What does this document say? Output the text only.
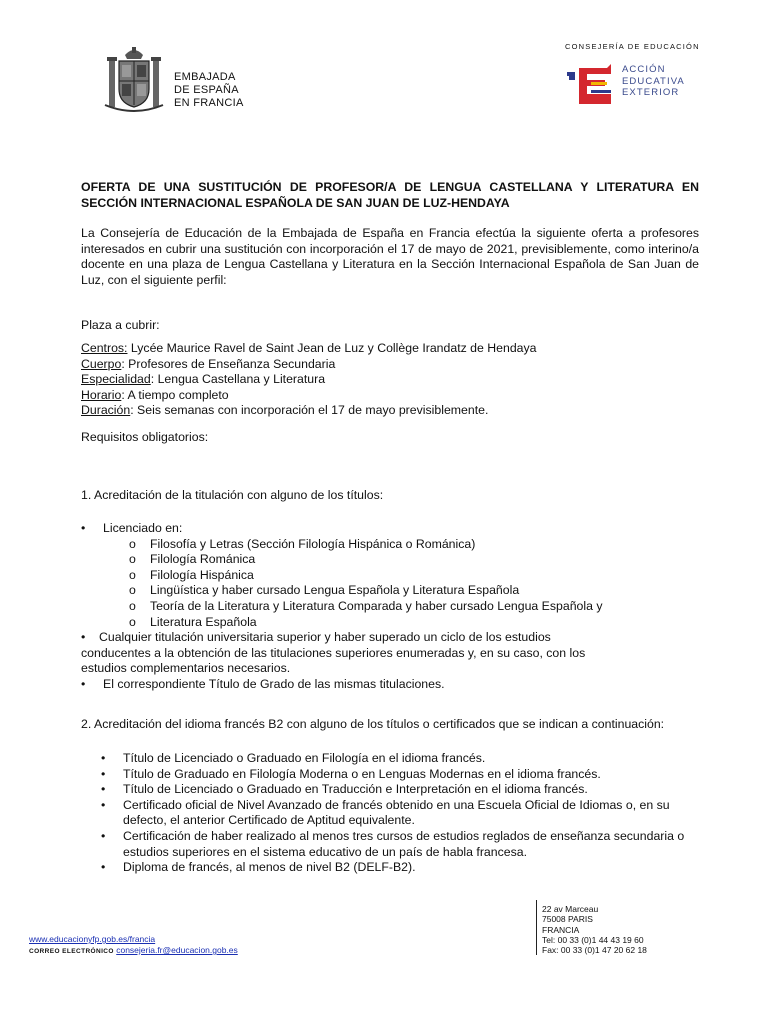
EMBAJADA
DE ESPAÑA
EN FRANCIA
CONSEJERÍA DE EDUCACIÓN
ACCIÓN
EDUCATIVA
EXTERIOR
OFERTA DE UNA SUSTITUCIÓN DE PROFESOR/A DE LENGUA CASTELLANA Y LITERATURA EN SECCIÓN INTERNACIONAL ESPAÑOLA DE SAN JUAN DE LUZ-HENDAYA
La Consejería de Educación de la Embajada de España en Francia efectúa la siguiente oferta a profesores interesados en cubrir una sustitución con incorporación el 17 de mayo de 2021, previsiblemente, como interino/a docente en una plaza de Lengua Castellana y Literatura en la Sección Internacional Española de San Juan de Luz, con el siguiente perfil:
Plaza a cubrir:
Centros: Lycée Maurice Ravel de Saint Jean de Luz y Collège Irandatz de Hendaya
Cuerpo: Profesores de Enseñanza Secundaria
Especialidad: Lengua Castellana y Literatura
Horario: A tiempo completo
Duración: Seis semanas con incorporación el 17 de mayo previsiblemente.
Requisitos obligatorios:
1. Acreditación de la titulación con alguno de los títulos:
• Licenciado en:
o Filosofía y Letras (Sección Filología Hispánica o Románica)
o Filología Románica
o Filología Hispánica
o Lingüística y haber cursado Lengua Española y Literatura Española
o Teoría de la Literatura y Literatura Comparada y haber cursado Lengua Española y
o Literatura Española
• Cualquier titulación universitaria superior y haber superado un ciclo de los estudios
conducentes a la obtención de las titulaciones superiores enumeradas y, en su caso, con los
estudios complementarios necesarios.
• El correspondiente Título de Grado de las mismas titulaciones.
2. Acreditación del idioma francés B2 con alguno de los títulos o certificados que se indican a continuación:
• Título de Licenciado o Graduado en Filología en el idioma francés.
• Título de Graduado en Filología Moderna o en Lenguas Modernas en el idioma francés.
• Título de Licenciado o Graduado en Traducción e Interpretación en el idioma francés.
• Certificado oficial de Nivel Avanzado de francés obtenido en una Escuela Oficial de Idiomas o, en su defecto, el anterior Certificado de Aptitud equivalente.
• Certificación de haber realizado al menos tres cursos de estudios reglados de enseñanza secundaria o estudios superiores en el sistema educativo de un país de habla francesa.
• Diploma de francés, al menos de nivel B2 (DELF-B2).
www.educacionyfp.gob.es/francia
CORREO ELECTRÓNICO consejeria.fr@educacion.gob.es
22 av Marceau
75008 PARIS
FRANCIA
Tel: 00 33 (0)1 44 43 19 60
Fax: 00 33 (0)1 47 20 62 18
